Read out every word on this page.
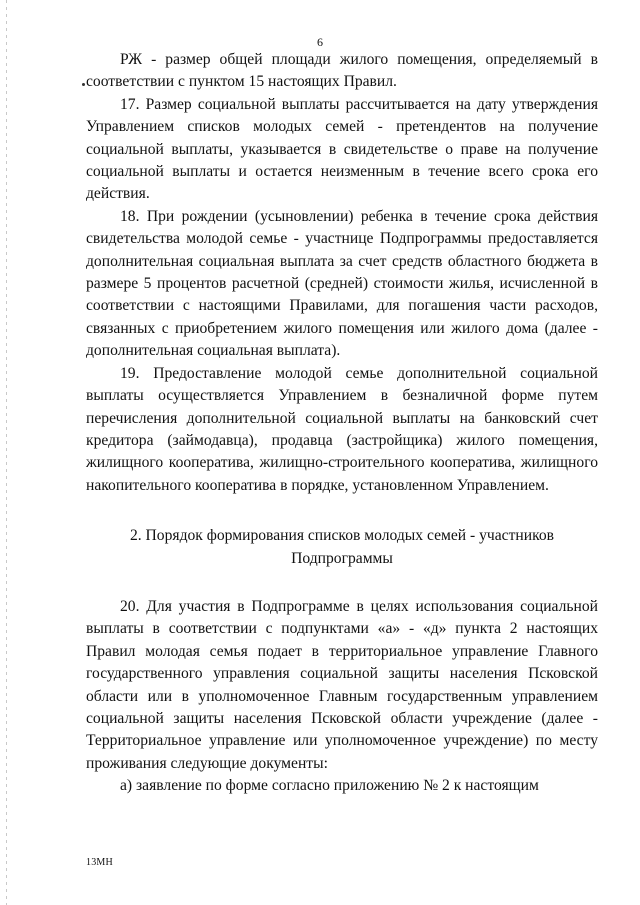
6

РЖ - размер общей площади жилого помещения, определяемый в соответствии с пунктом 15 настоящих Правил.

17. Размер социальной выплаты рассчитывается на дату утверждения Управлением списков молодых семей - претендентов на получение социальной выплаты, указывается в свидетельстве о праве на получение социальной выплаты и остается неизменным в течение всего срока его действия.

18. При рождении (усыновлении) ребенка в течение срока действия свидетельства молодой семье - участнице Подпрограммы предоставляется дополнительная социальная выплата за счет средств областного бюджета в размере 5 процентов расчетной (средней) стоимости жилья, исчисленной в соответствии с настоящими Правилами, для погашения части расходов, связанных с приобретением жилого помещения или жилого дома (далее - дополнительная социальная выплата).

19. Предоставление молодой семье дополнительной социальной выплаты осуществляется Управлением в безналичной форме путем перечисления дополнительной социальной выплаты на банковский счет кредитора (займодавца), продавца (застройщика) жилого помещения, жилищного кооператива, жилищно-строительного кооператива, жилищного накопительного кооператива в порядке, установленном Управлением.

2. Порядок формирования списков молодых семей - участников
Подпрограммы

20. Для участия в Подпрограмме в целях использования социальной выплаты в соответствии с подпунктами «а» - «д» пункта 2 настоящих Правил молодая семья подает в территориальное управление Главного государственного управления социальной защиты населения Псковской области или в уполномоченное Главным государственным управлением социальной защиты населения Псковской области учреждение (далее - Территориальное управление или уполномоченное учреждение) по месту проживания следующие документы:

а) заявление по форме согласно приложению № 2 к настоящим

13МН
